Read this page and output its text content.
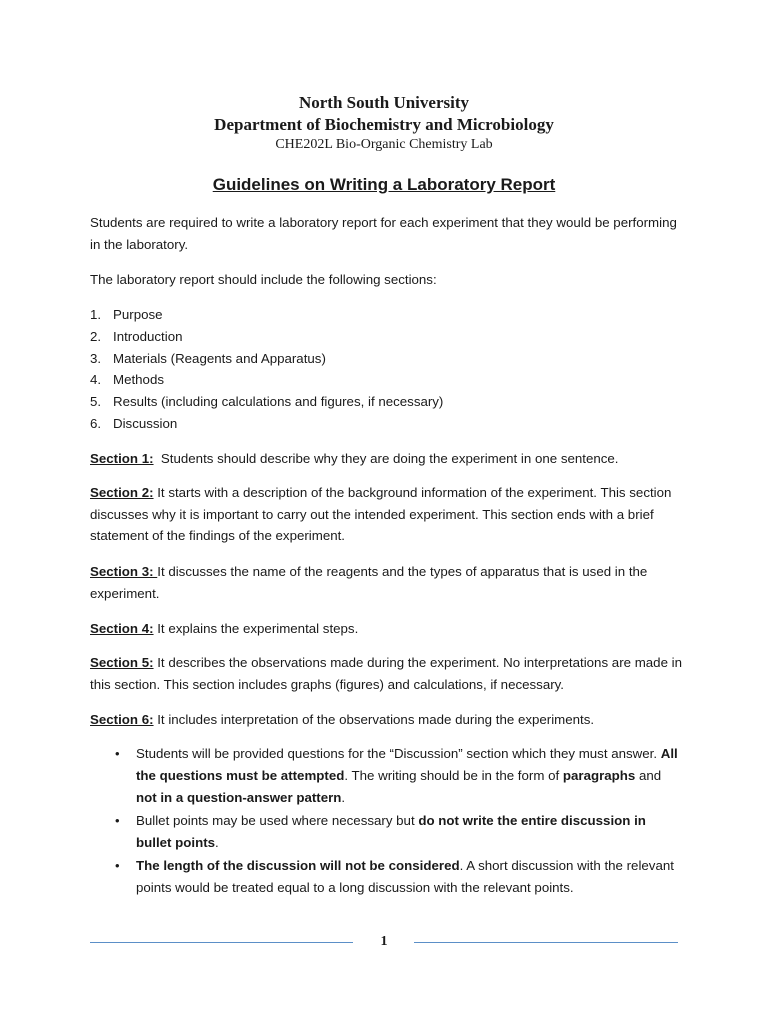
North South University
Department of Biochemistry and Microbiology
CHE202L Bio-Organic Chemistry Lab
Guidelines on Writing a Laboratory Report

Students are required to write a laboratory report for each experiment that they would be performing in the laboratory.

The laboratory report should include the following sections:

1. Purpose
2. Introduction
3. Materials (Reagents and Apparatus)
4. Methods
5. Results (including calculations and figures, if necessary)
6. Discussion

Section 1:  Students should describe why they are doing the experiment in one sentence.

Section 2: It starts with a description of the background information of the experiment. This section discusses why it is important to carry out the intended experiment. This section ends with a brief statement of the findings of the experiment.

Section 3: It discusses the name of the reagents and the types of apparatus that is used in the experiment.

Section 4: It explains the experimental steps.

Section 5: It describes the observations made during the experiment. No interpretations are made in this section. This section includes graphs (figures) and calculations, if necessary.

Section 6: It includes interpretation of the observations made during the experiments.

• Students will be provided questions for the “Discussion” section which they must answer. All the questions must be attempted. The writing should be in the form of paragraphs and not in a question-answer pattern.
• Bullet points may be used where necessary but do not write the entire discussion in bullet points.
• The length of the discussion will not be considered. A short discussion with the relevant points would be treated equal to a long discussion with the relevant points.
1
